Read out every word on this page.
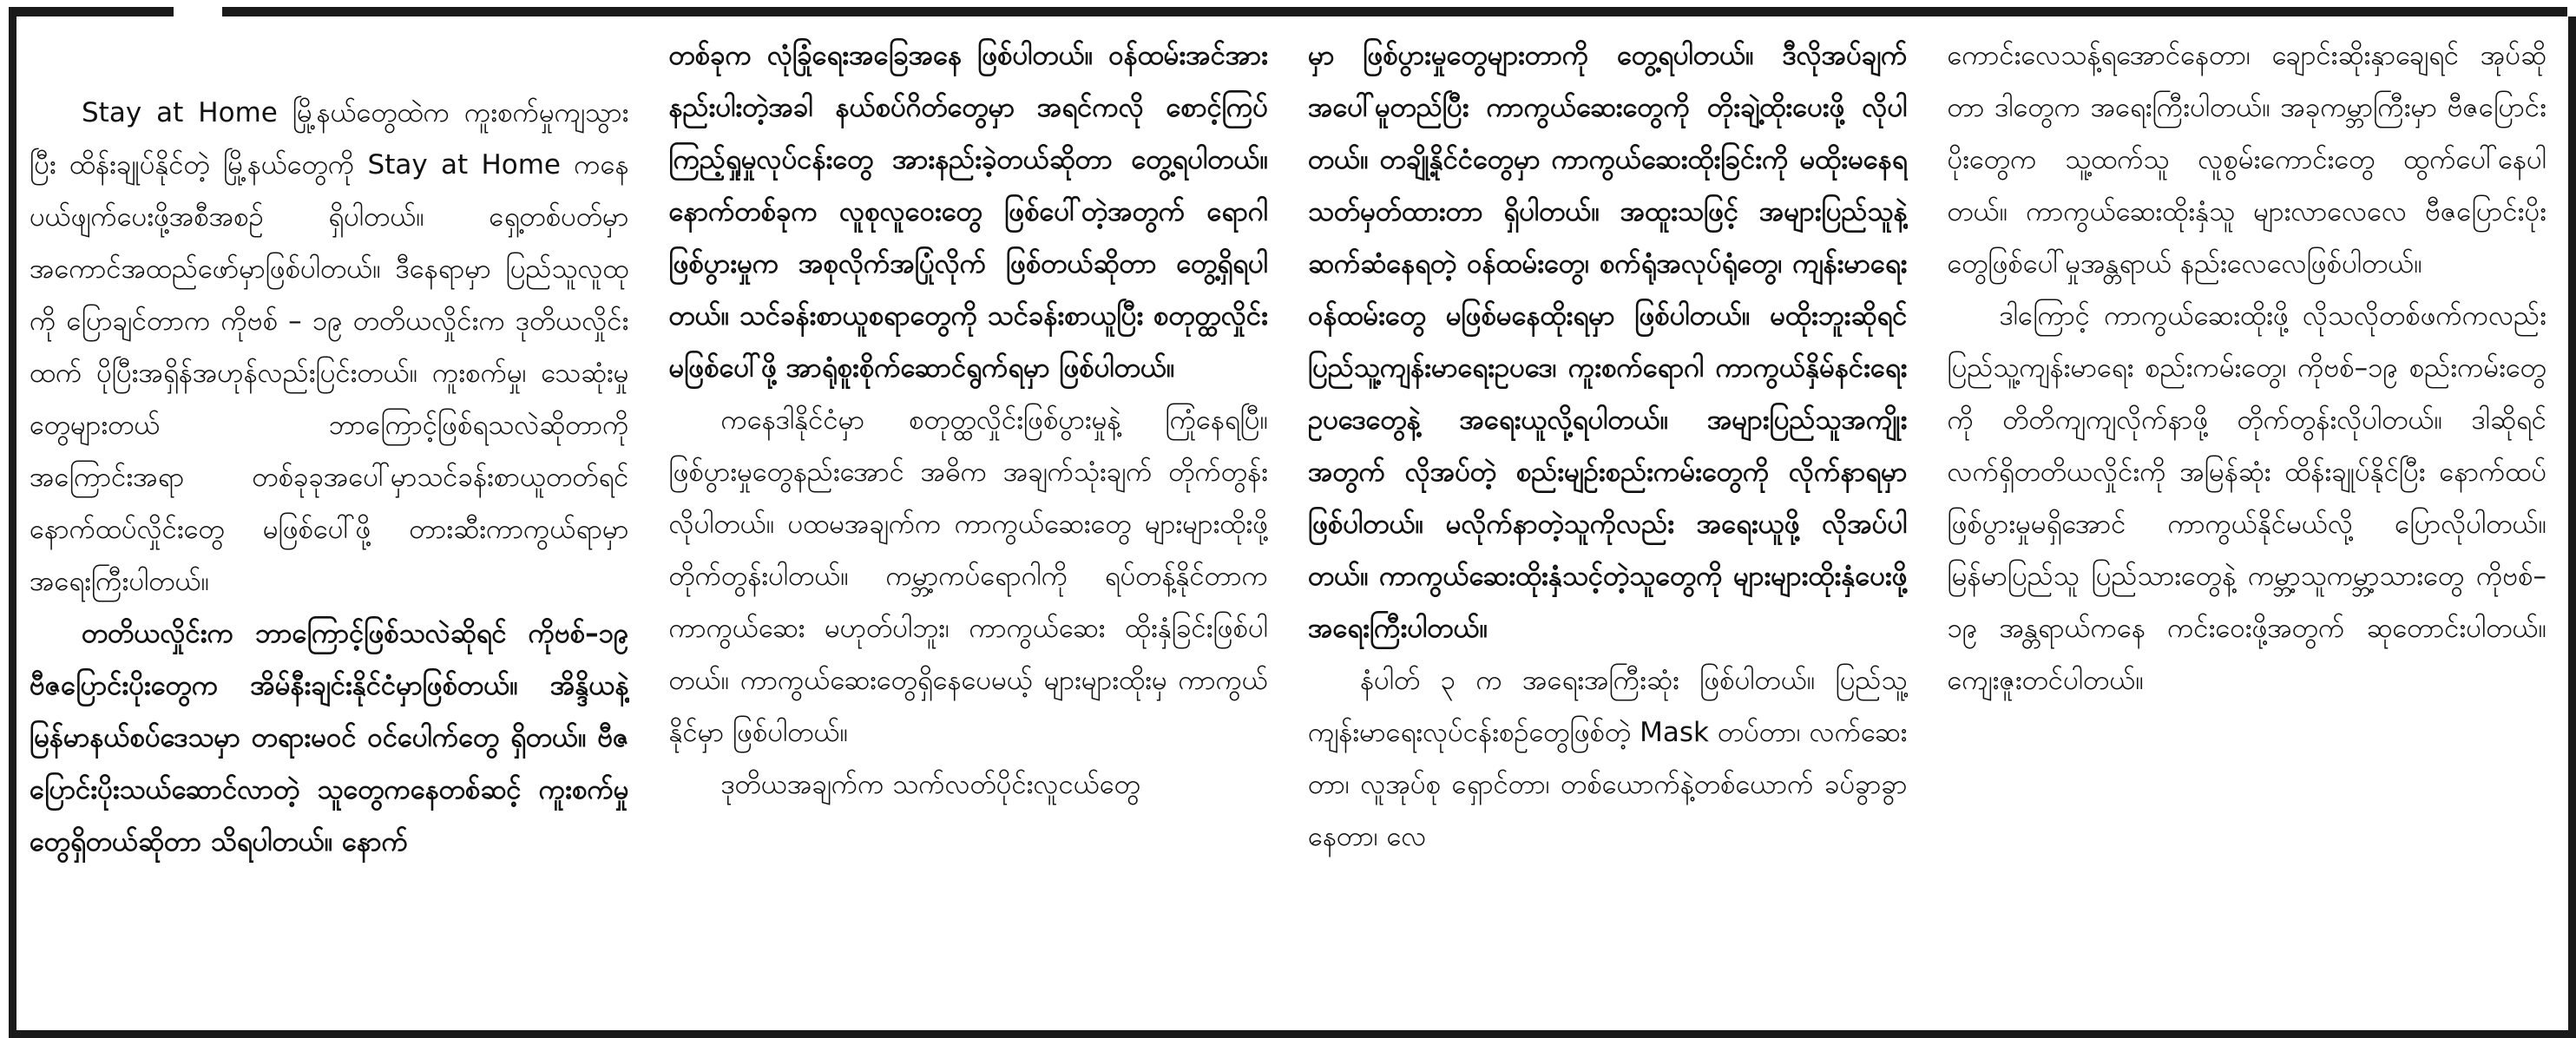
Stay at Home မြို့နယ်တွေထဲက ကူးစက်မှုကျသွားပြီး ထိန်းချုပ်နိုင်တဲ့ မြို့နယ်တွေကို Stay at Home ကနေ ပယ်ဖျက်ပေးဖို့အစီအစဉ် ရှိပါတယ်။ ရှေ့တစ်ပတ်မှာ အကောင်အထည်ဖော်မှာဖြစ်ပါတယ်။ ဒီနေရာမှာ ပြည်သူလူထုကို ပြောချင်တာက ကိုဗစ် – ၁၉ တတိယလှိုင်းက ဒုတိယလှိုင်းထက် ပိုပြီးအရှိန်အဟုန်လည်းပြင်းတယ်။ ကူးစက်မှု၊ သေဆုံးမှုတွေများတယ် ဘာကြောင့်ဖြစ်ရသလဲဆိုတာကို အကြောင်းအရာ တစ်ခုခုအပေါ်မှာသင်ခန်းစာယူတတ်ရင် နောက်ထပ်လှိုင်းတွေ မဖြစ်ပေါ်ဖို့ တားဆီးကာကွယ်ရာမှာ အရေးကြီးပါတယ်။

တတိယလှိုင်းက ဘာကြောင့်ဖြစ်သလဲဆိုရင် ကိုဗစ်–၁၉ ဗီဇပြောင်းပိုးတွေက အိမ်နီးချင်းနိုင်ငံမှာဖြစ်တယ်။ အိန္ဒိယနဲ့ မြန်မာနယ်စပ်ဒေသမှာ တရားမဝင် ဝင်ပေါက်တွေ ရှိတယ်။ ဗီဇပြောင်းပိုးသယ်ဆောင်လာတဲ့ သူတွေကနေတစ်ဆင့် ကူးစက်မှုတွေရှိတယ်ဆိုတာ သိရပါတယ်။ နောက်

တစ်ခုက လုံခြုံရေးအခြေအနေ ဖြစ်ပါတယ်။ ဝန်ထမ်းအင်အားနည်းပါးတဲ့အခါ နယ်စပ်ဂိတ်တွေမှာ အရင်ကလို စောင့်ကြပ်ကြည့်ရှုမှုလုပ်ငန်းတွေ အားနည်းခဲ့တယ်ဆိုတာ တွေ့ရပါတယ်။ နောက်တစ်ခုက လူစုလူဝေးတွေ ဖြစ်ပေါ်တဲ့အတွက် ရောဂါဖြစ်ပွားမှုက အစုလိုက်အပြုံလိုက် ဖြစ်တယ်ဆိုတာ တွေ့ရှိရပါတယ်။ သင်ခန်းစာယူစရာတွေကို သင်ခန်းစာယူပြီး စတုတ္ထလှိုင်းမဖြစ်ပေါ်ဖို့ အာရုံစူးစိုက်ဆောင်ရွက်ရမှာ ဖြစ်ပါတယ်။

ကနေဒါနိုင်ငံမှာ စတုတ္ထလှိုင်းဖြစ်ပွားမှုနဲ့ ကြုံနေရပြီ။ ဖြစ်ပွားမှုတွေနည်းအောင် အဓိက အချက်သုံးချက် တိုက်တွန်းလိုပါတယ်။ ပထမအချက်က ကာကွယ်ဆေးတွေ များများထိုးဖို့ တိုက်တွန်းပါတယ်။ ကမ္ဘာ့ကပ်ရောဂါကို ရပ်တန့်နိုင်တာက ကာကွယ်ဆေး မဟုတ်ပါဘူး၊ ကာကွယ်ဆေး ထိုးနှံခြင်းဖြစ်ပါတယ်။ ကာကွယ်ဆေးတွေရှိနေပေမယ့် များများထိုးမှ ကာကွယ်နိုင်မှာ ဖြစ်ပါတယ်။

ဒုတိယအချက်က သက်လတ်ပိုင်းလူငယ်တွေ

မှာ ဖြစ်ပွားမှုတွေများတာကို တွေ့ရပါတယ်။ ဒီလိုအပ်ချက်အပေါ်မူတည်ပြီး ကာကွယ်ဆေးတွေကို တိုးချဲ့ထိုးပေးဖို့ လိုပါတယ်။ တချို့နိုင်ငံတွေမှာ ကာကွယ်ဆေးထိုးခြင်းကို မထိုးမနေရသတ်မှတ်ထားတာ ရှိပါတယ်။ အထူးသဖြင့် အများပြည်သူနဲ့ဆက်ဆံနေရတဲ့ ဝန်ထမ်းတွေ၊ စက်ရုံအလုပ်ရုံတွေ၊ ကျန်းမာရေးဝန်ထမ်းတွေ မဖြစ်မနေထိုးရမှာ ဖြစ်ပါတယ်။ မထိုးဘူးဆိုရင် ပြည်သူ့ကျန်းမာရေးဥပဒေ၊ ကူးစက်ရောဂါ ကာကွယ်နှိမ်နင်းရေးဥပဒေတွေနဲ့ အရေးယူလို့ရပါတယ်။ အများပြည်သူအကျိုးအတွက် လိုအပ်တဲ့ စည်းမျဉ်းစည်းကမ်းတွေကို လိုက်နာရမှာဖြစ်ပါတယ်။ မလိုက်နာတဲ့သူကိုလည်း အရေးယူဖို့ လိုအပ်ပါတယ်။ ကာကွယ်ဆေးထိုးနှံသင့်တဲ့သူတွေကို များများထိုးနှံပေးဖို့ အရေးကြီးပါတယ်။

နံပါတ် ၃ က အရေးအကြီးဆုံး ဖြစ်ပါတယ်။ ပြည်သူ့ ကျန်းမာရေးလုပ်ငန်းစဉ်တွေဖြစ်တဲ့ Mask တပ်တာ၊ လက်ဆေးတာ၊ လူအုပ်စု ရှောင်တာ၊ တစ်ယောက်နဲ့တစ်ယောက် ခပ်ခွာခွာနေတာ၊ လေ

ကောင်းလေသန့်ရအောင်နေတာ၊ ချောင်းဆိုးနှာချေရင် အုပ်ဆိုတာ ဒါတွေက အရေးကြီးပါတယ်။ အခုကမ္ဘာကြီးမှာ ဗီဇပြောင်းပိုးတွေက သူ့ထက်သူ လူစွမ်းကောင်းတွေ ထွက်ပေါ်နေပါတယ်။ ကာကွယ်ဆေးထိုးနှံသူ များလာလေလေ ဗီဇပြောင်းပိုးတွေဖြစ်ပေါ်မှုအန္တရာယ် နည်းလေလေဖြစ်ပါတယ်။

ဒါကြောင့် ကာကွယ်ဆေးထိုးဖို့ လိုသလိုတစ်ဖက်ကလည်း ပြည်သူ့ကျန်းမာရေး စည်းကမ်းတွေ၊ ကိုဗစ်–၁၉ စည်းကမ်းတွေကို တိတိကျကျလိုက်နာဖို့ တိုက်တွန်းလိုပါတယ်။ ဒါဆိုရင် လက်ရှိတတိယလှိုင်းကို အမြန်ဆုံး ထိန်းချုပ်နိုင်ပြီး နောက်ထပ်ဖြစ်ပွားမှုမရှိအောင် ကာကွယ်နိုင်မယ်လို့ ပြောလိုပါတယ်။ မြန်မာပြည်သူ ပြည်သားတွေနဲ့ ကမ္ဘာ့သူကမ္ဘာ့သားတွေ ကိုဗစ်–၁၉ အန္တရာယ်ကနေ ကင်းဝေးဖို့အတွက် ဆုတောင်းပါတယ်။ ကျေးဇူးတင်ပါတယ်။
